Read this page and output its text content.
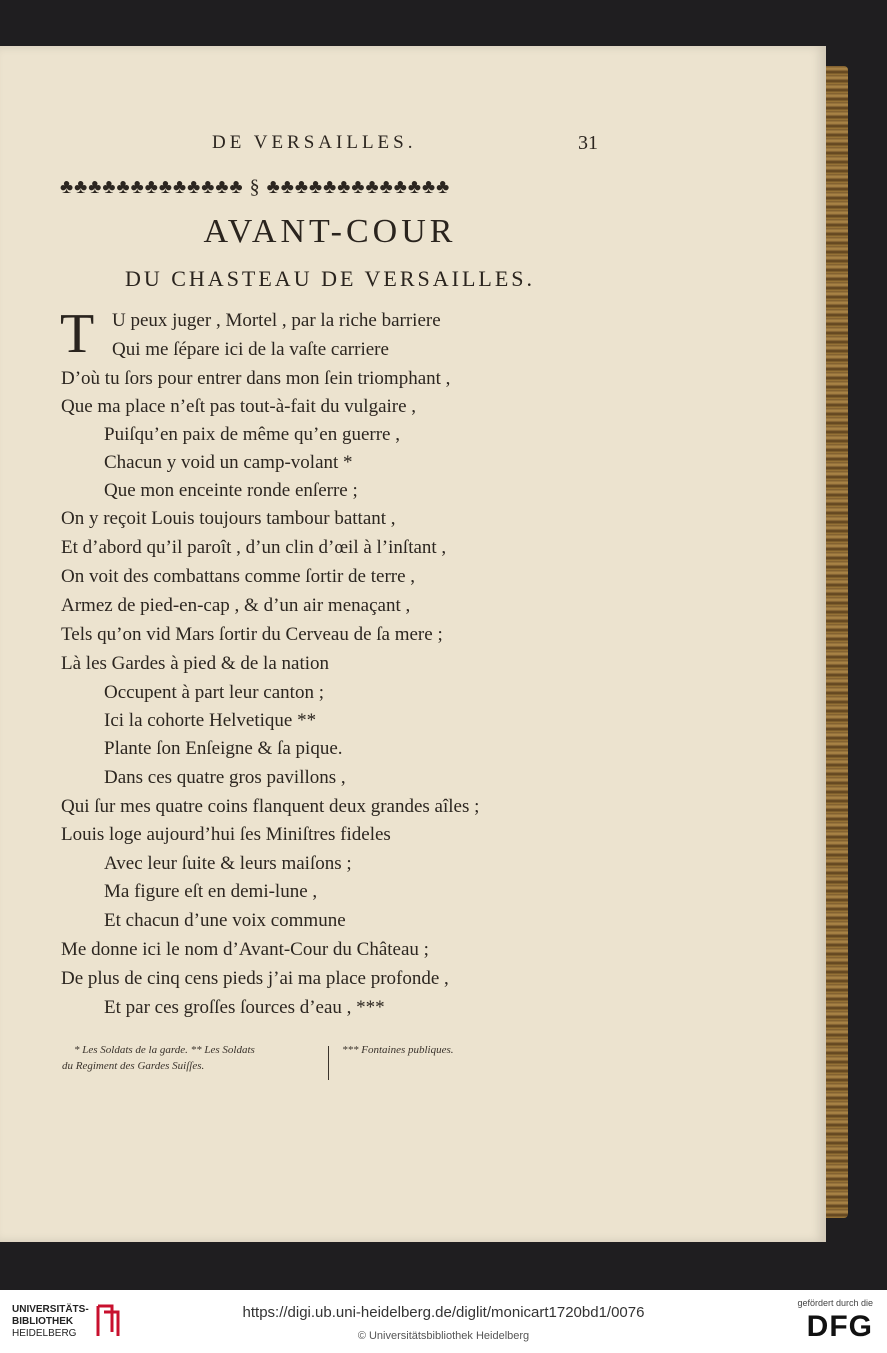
DE VERSAILLES.	31
♣♣♣♣♣♣♣♣♣♣♣♣♣ § ♣♣♣♣♣♣♣♣♣♣♣♣♣
AVANT-COUR
DU CHASTEAU DE VERSAILLES.
T U peux juger , Mortel , par la riche barriere
Qui me ſépare ici de la vaſte carriere
D’où tu ſors pour entrer dans mon ſein triomphant ,
Que ma place n’eſt pas tout-à-fait du vulgaire ,
Puiſqu’en paix de même qu’en guerre ,
Chacun y void un camp-volant *
Que mon enceinte ronde enſerre ;
On y reçoit Louis toujours tambour battant ,
Et d’abord qu’il paroît , d’un clin d’œil à l’inſtant ,
On voit des combattans comme ſortir de terre ,
Armez de pied-en-cap , & d’un air menaçant ,
Tels qu’on vid Mars ſortir du Cerveau de ſa mere ;
Là les Gardes à pied & de la nation
Occupent à part leur canton ;
Ici la cohorte Helvetique **
Plante ſon Enſeigne & ſa pique.
Dans ces quatre gros pavillons ,
Qui ſur mes quatre coins flanquent deux grandes aîles ;
Louis loge aujourd’hui ſes Miniſtres fideles
Avec leur ſuite & leurs maiſons ;
Ma figure eſt en demi-lune ,
Et chacun d’une voix commune
Me donne ici le nom d’Avant-Cour du Château ;
De plus de cinq cens pieds j’ai ma place profonde ,
Et par ces groſſes ſources d’eau , ***
* Les Soldats de la garde. ** Les Soldats
du Regiment des Gardes Suiſſes.
*** Fontaines publiques.
UNIVERSITÄTS-
BIBLIOTHEK
HEIDELBERG
https://digi.ub.uni-heidelberg.de/diglit/monicart1720bd1/0076
© Universitätsbibliothek Heidelberg
gefördert durch die
DFG
